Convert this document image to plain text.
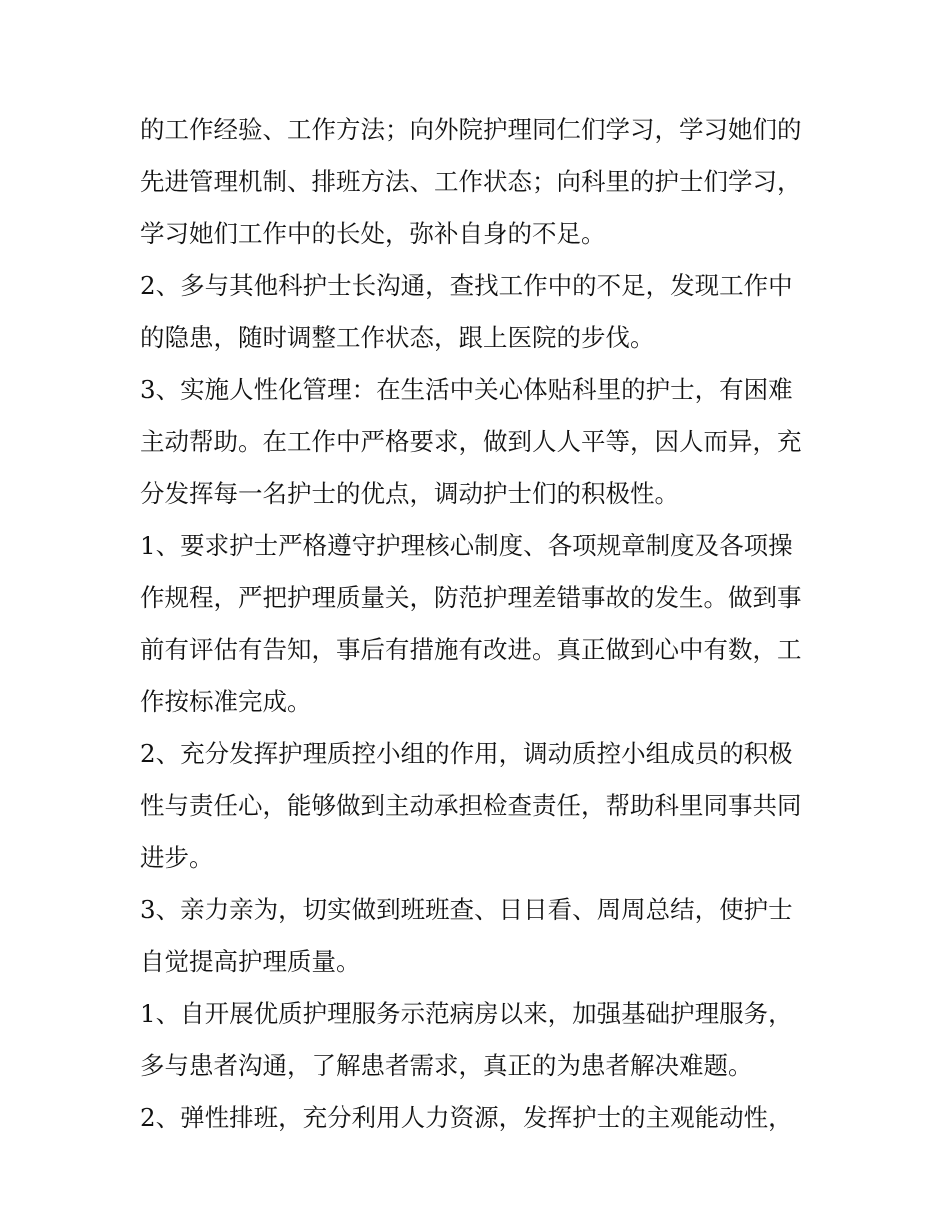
的工作经验、工作方法；向外院护理同仁们学习，学习她们的
先进管理机制、排班方法、工作状态；向科里的护士们学习，
学习她们工作中的长处，弥补自身的不足。
2、多与其他科护士长沟通，查找工作中的不足，发现工作中
的隐患，随时调整工作状态，跟上医院的步伐。
3、实施人性化管理：在生活中关心体贴科里的护士，有困难
主动帮助。在工作中严格要求，做到人人平等，因人而异，充
分发挥每一名护士的优点，调动护士们的积极性。
1、要求护士严格遵守护理核心制度、各项规章制度及各项操
作规程，严把护理质量关，防范护理差错事故的发生。做到事
前有评估有告知，事后有措施有改进。真正做到心中有数，工
作按标准完成。
2、充分发挥护理质控小组的作用，调动质控小组成员的积极
性与责任心，能够做到主动承担检查责任，帮助科里同事共同
进步。
3、亲力亲为，切实做到班班查、日日看、周周总结，使护士
自觉提高护理质量。
1、自开展优质护理服务示范病房以来，加强基础护理服务，
多与患者沟通，了解患者需求，真正的为患者解决难题。
2、弹性排班，充分利用人力资源，发挥护士的主观能动性，
